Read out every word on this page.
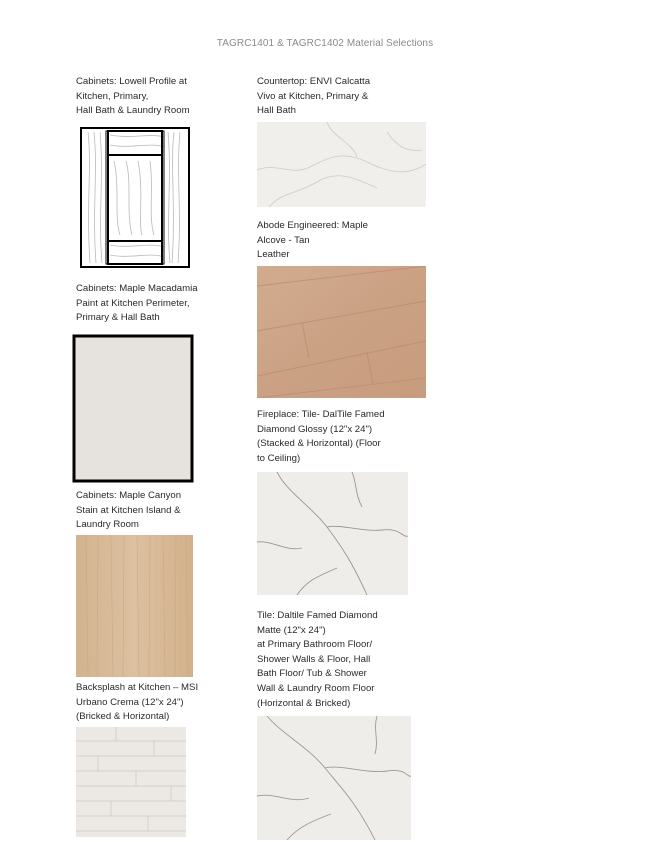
TAGRC1401 & TAGRC1402 Material Selections
Cabinets: Lowell Profile at
Kitchen, Primary,
Hall Bath & Laundry Room
Cabinets: Maple Macadamia
Paint at Kitchen Perimeter,
Primary & Hall Bath
Cabinets: Maple Canyon
Stain at Kitchen Island &
Laundry Room
Backsplash at Kitchen – MSI
Urbano Crema (12"x 24")
(Bricked & Horizontal)
Countertop: ENVI Calcatta
Vivo at Kitchen, Primary &
Hall Bath
Abode Engineered: Maple
Alcove - Tan
Leather
Fireplace: Tile- DalTile Famed
Diamond Glossy (12"x 24")
(Stacked & Horizontal) (Floor
to Ceiling)
Tile: Daltile Famed Diamond
Matte (12"x 24")
at Primary Bathroom Floor/
Shower Walls & Floor, Hall
Bath Floor/ Tub & Shower
Wall & Laundry Room Floor
(Horizontal & Bricked)
